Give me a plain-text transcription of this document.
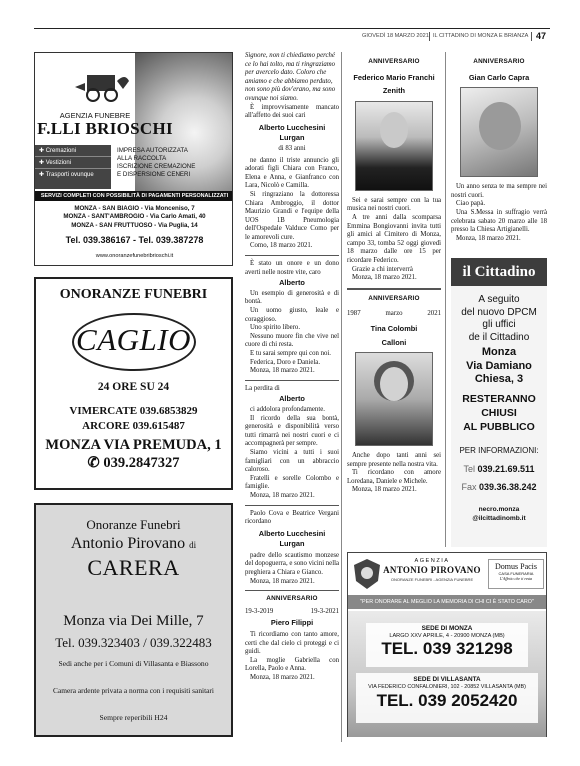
GIOVEDÌ 18 MARZO 2021 IL CITTADINO DI MONZA E BRIANZA 47
AGENZIA FUNEBRE
F.LLI BRIOSCHI
✚ Cremazioni
✚ Vestizioni
✚ Trasporti ovunque
IMPRESA AUTORIZZATA
ALLA RACCOLTA
ISCRIZIONE CREMAZIONE
E DISPERSIONE CENERI
SERVIZI COMPLETI CON POSSIBILITÀ DI PAGAMENTI PERSONALIZZATI
MONZA - SAN BIAGIO - Via Monceniso, 7
MONZA - SANT'AMBROGIO - Via Carlo Amati, 40
MONZA - SAN FRUTTUOSO - Via Puglia, 14
Tel. 039.386167 - Tel. 039.387278
www.onoranzefunebribrioschi.it
ONORANZE FUNEBRI
CAGLIO
24 ORE SU 24
VIMERCATE 039.6853829
ARCORE 039.615487
MONZA VIA PREMUDA, 1
✆ 039.2847327
Onoranze Funebri
Antonio Pirovano di
CARERA
Monza via Dei Mille, 7
Tel. 039.323403 / 039.322483
Sedi anche per i Comuni di Villasanta e Biassono
Camera ardente privata a norma con i requisiti sanitari
Sempre reperibili H24
Signore, non ti chiediamo perché ce lo hai tolto, ma ti ringraziamo per avercelo dato. Coloro che amiamo e che abbiamo perduto, non sono più dov'erano, ma sono ovunque noi siamo.

È improvvisamente mancato all'affetto dei suoi cari

Alberto Lucchesini
Lurgan
di 83 anni

ne danno il triste annuncio gli adorati figli Chiara con Franco, Elena e Anna, e Gianfranco con Lara, Nicolò e Camilla.

Si ringraziano la dottoressa Chiara Ambroggio, il dottor Maurizio Grandi e l'equipe della UOS 1B Pneumologia dell'Ospedale Valduce Como per le amorevoli cure.

Como, 18 marzo 2021.

È stato un onore e un dono averti nelle nostre vite, caro

Alberto

Un esempio di generosità e di bontà.

Un uomo giusto, leale e coraggioso.

Uno spirito libero.

Nessuno muore fin che vive nel cuore di chi resta.

E tu sarai sempre qui con noi.

Federica, Doro e Daniela.

Monza, 18 marzo 2021.

La perdita di
Alberto

ci addolora profondamente.

Il ricordo della sua bontà, generosità e disponibilità verso tutti rimarrà nei nostri cuori e ci accompagnerà per sempre.

Siamo vicini a tutti i suoi famigliari con un abbraccio caloroso.

Fratelli e sorelle Colombo e famiglie.

Monza, 18 marzo 2021.

Paolo Cova e Beatrice Vergani ricordano

Alberto Lucchesini
Lurgan

padre dello scautismo monzese del dopoguerra, e sono vicini nella preghiera a Chiara e Gianco.

Monza, 18 marzo 2021.

ANNIVERSARIO
19-3-2019	19-3-2021
Piero Filippi

Ti ricordiamo con tanto amore, certi che dal cielo ci proteggi e ci guidi.

La moglie Gabriella con Lorella, Paolo e Anna.

Monza, 18 marzo 2021.

ANNIVERSARIO
Federico Mario Franchi
Zenith

Sei e sarai sempre con la tua musica nei nostri cuori.

A tre anni dalla scomparsa Emmina Bongiovanni invita tutti gli amici al Cimitero di Monza, campo 33, tomba 52 oggi giovedì 18 marzo dalle ore 15 per ricordare Federico.

Grazie a chi interverrà

Monza, 18 marzo 2021.

ANNIVERSARIO
1987	marzo	2021
Tina Colombi
Calloni

Anche dopo tanti anni sei sempre presente nella nostra vita.

Ti ricordano con amore Loredana, Daniele e Michele.

Monza, 18 marzo 2021.

ANNIVERSARIO
Gian Carlo Capra

Un anno senza te ma sempre nei nostri cuori.

Ciao papà.

Una S.Messa in suffragio verrà celebrata sabato 20 marzo alle 18 presso la Chiesa Artigianelli.

Monza, 18 marzo 2021.

il Cittadino
A seguito
del nuovo DPCM
gli uffici
de il Cittadino
Monza
Via Damiano
Chiesa, 3
RESTERANNO
CHIUSI
AL PUBBLICO
PER INFORMAZIONI:
Tel 039.21.69.511
Fax 039.36.38.242
necro.monza
@ilcittadinomb.it
AGENZIA
ANTONIO PIROVANO
ONORANZE FUNEBRI - AGENZIA FUNEBRE
Domus Pacis
CASA FUNERARIA
L'Affetto che ti resta
"PER ONORARE AL MEGLIO LA MEMORIA DI CHI CI È STATO CARO"
SEDE DI MONZA
LARGO XXV APRILE, 4 - 20900 MONZA (MB)
TEL. 039 321298
SEDE DI VILLASANTA
VIA FEDERICO CONFALONIERI, 102 - 20852 VILLASANTA (MB)
TEL. 039 2052420
